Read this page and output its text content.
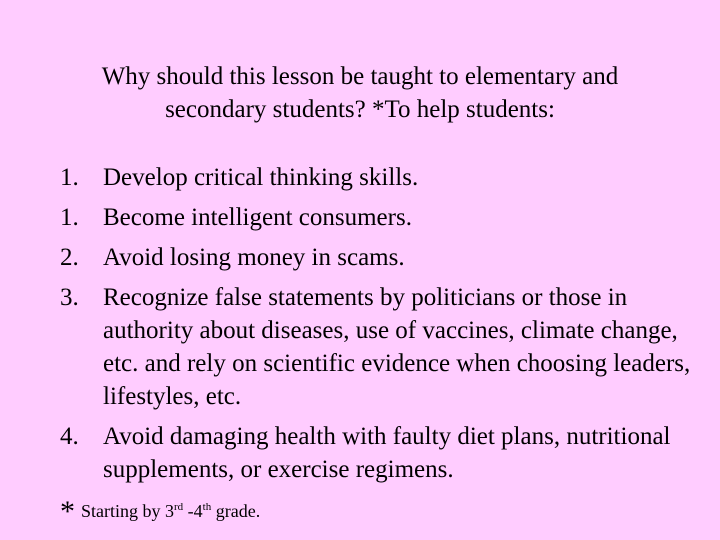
Why should this lesson be taught to elementary and
secondary students? *To help students:
1. Develop critical thinking skills.
1. Become intelligent consumers.
2. Avoid losing money in scams.
3. Recognize false statements by politicians or those in authority about diseases, use of vaccines, climate change, etc. and rely on scientific evidence when choosing leaders, lifestyles, etc.
4. Avoid damaging health with faulty diet plans, nutritional supplements, or exercise regimens.
* Starting by 3rd -4th grade.
